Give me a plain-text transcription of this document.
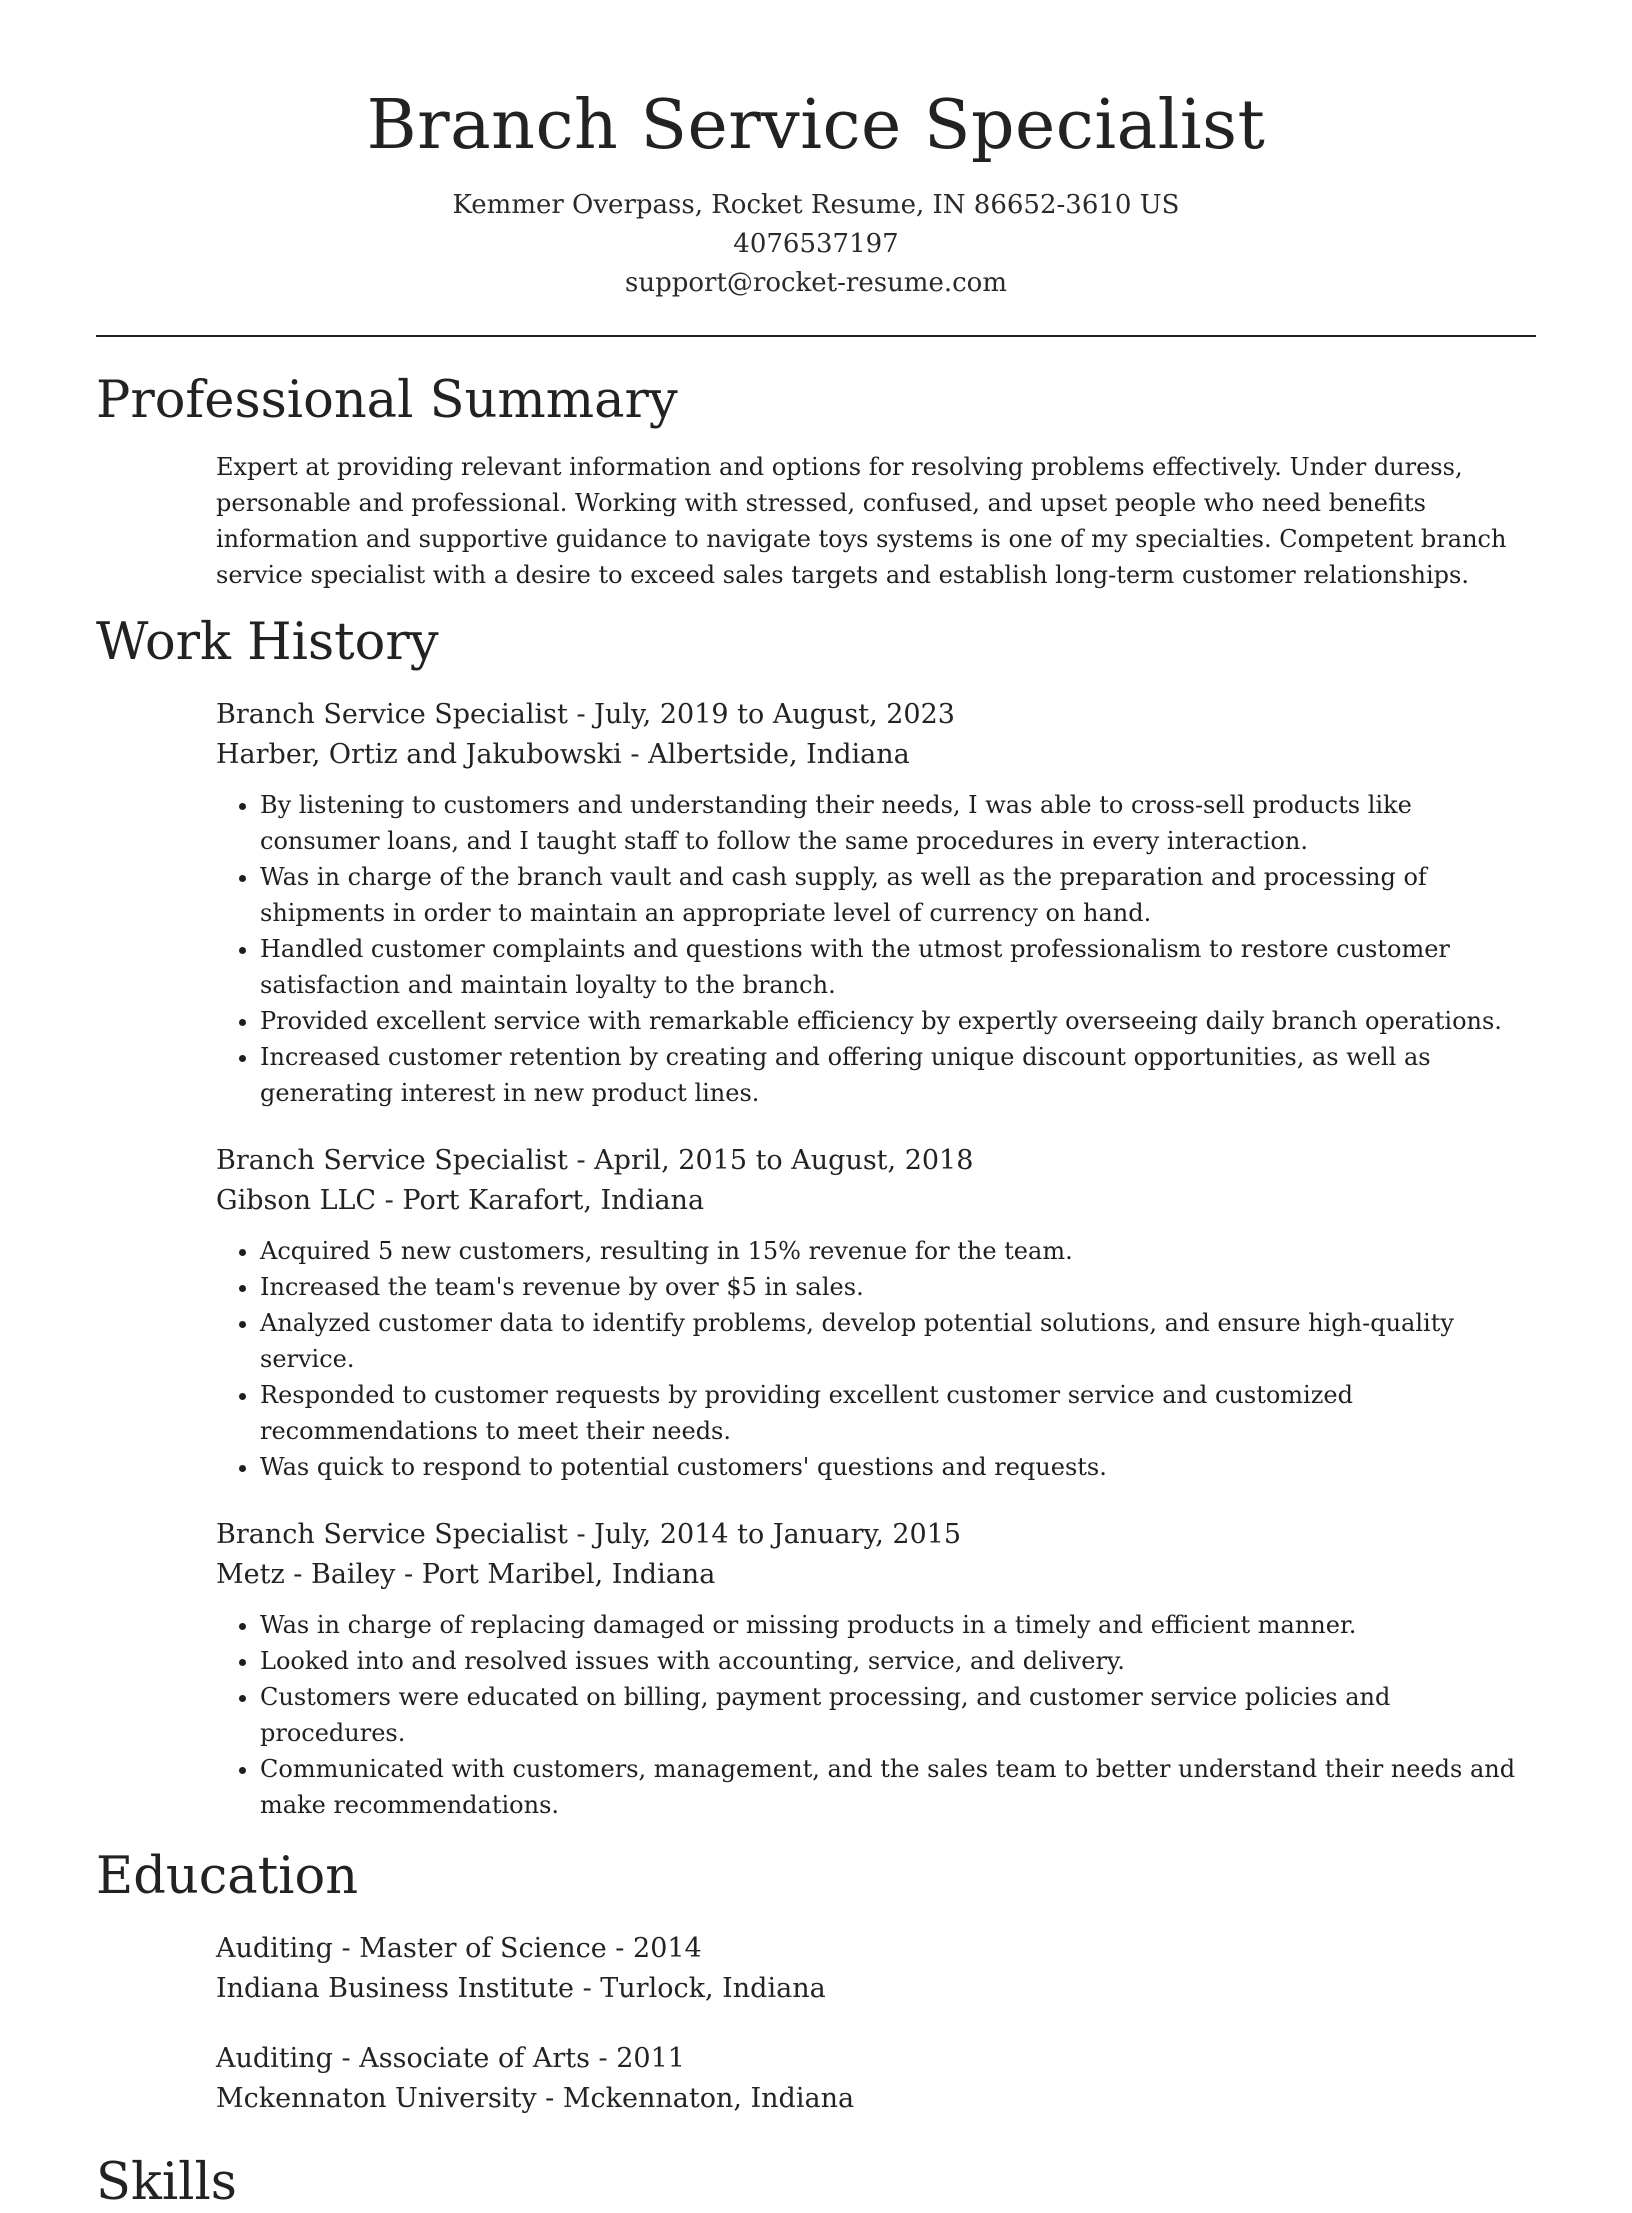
Branch Service Specialist
Kemmer Overpass, Rocket Resume, IN 86652-3610 US
4076537197
support@rocket-resume.com
Professional Summary

Expert at providing relevant information and options for resolving problems effectively. Under duress, personable and professional. Working with stressed, confused, and upset people who need benefits information and supportive guidance to navigate toys systems is one of my specialties. Competent branch service specialist with a desire to exceed sales targets and establish long-term customer relationships.

Work History
Branch Service Specialist - July, 2019 to August, 2023
Harber, Ortiz and Jakubowski - Albertside, Indiana
• By listening to customers and understanding their needs, I was able to cross-sell products like consumer loans, and I taught staff to follow the same procedures in every interaction.
• Was in charge of the branch vault and cash supply, as well as the preparation and processing of shipments in order to maintain an appropriate level of currency on hand.
• Handled customer complaints and questions with the utmost professionalism to restore customer satisfaction and maintain loyalty to the branch.
• Provided excellent service with remarkable efficiency by expertly overseeing daily branch operations.
• Increased customer retention by creating and offering unique discount opportunities, as well as generating interest in new product lines.
Branch Service Specialist - April, 2015 to August, 2018
Gibson LLC - Port Karafort, Indiana
• Acquired 5 new customers, resulting in 15% revenue for the team.
• Increased the team's revenue by over $5 in sales.
• Analyzed customer data to identify problems, develop potential solutions, and ensure high-quality service.
• Responded to customer requests by providing excellent customer service and customized recommendations to meet their needs.
• Was quick to respond to potential customers' questions and requests.
Branch Service Specialist - July, 2014 to January, 2015
Metz - Bailey - Port Maribel, Indiana
• Was in charge of replacing damaged or missing products in a timely and efficient manner.
• Looked into and resolved issues with accounting, service, and delivery.
• Customers were educated on billing, payment processing, and customer service policies and procedures.
• Communicated with customers, management, and the sales team to better understand their needs and make recommendations.
Education
Auditing - Master of Science - 2014
Indiana Business Institute - Turlock, Indiana
Auditing - Associate of Arts - 2011
Mckennaton University - Mckennaton, Indiana
Skills
